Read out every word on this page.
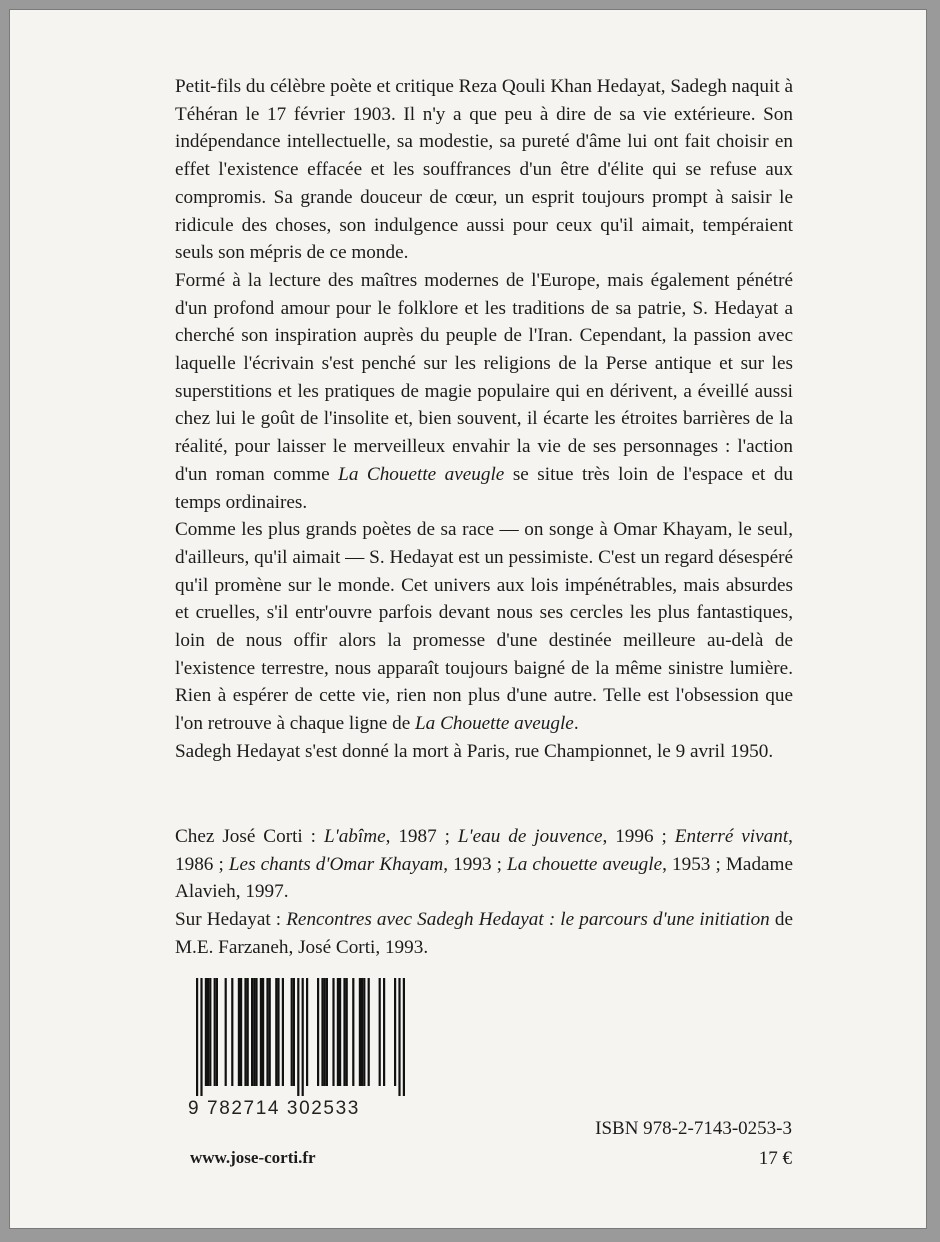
Petit-fils du célèbre poète et critique Reza Qouli Khan Hedayat, Sadegh naquit à Téhéran le 17 février 1903. Il n'y a que peu à dire de sa vie extérieure. Son indépendance intellectuelle, sa modestie, sa pureté d'âme lui ont fait choisir en effet l'existence effacée et les souffrances d'un être d'élite qui se refuse aux compromis. Sa grande douceur de cœur, un esprit toujours prompt à saisir le ridicule des choses, son indulgence aussi pour ceux qu'il aimait, tempéraient seuls son mépris de ce monde.

Formé à la lecture des maîtres modernes de l'Europe, mais également pénétré d'un profond amour pour le folklore et les traditions de sa patrie, S. Hedayat a cherché son inspiration auprès du peuple de l'Iran. Cependant, la passion avec laquelle l'écrivain s'est penché sur les religions de la Perse antique et sur les superstitions et les pratiques de magie populaire qui en dérivent, a éveillé aussi chez lui le goût de l'insolite et, bien souvent, il écarte les étroites barrières de la réalité, pour laisser le merveilleux envahir la vie de ses personnages : l'action d'un roman comme La Chouette aveugle se situe très loin de l'espace et du temps ordinaires.

Comme les plus grands poètes de sa race — on songe à Omar Khayam, le seul, d'ailleurs, qu'il aimait — S. Hedayat est un pessimiste. C'est un regard désespéré qu'il promène sur le monde. Cet univers aux lois impénétrables, mais absurdes et cruelles, s'il entr'ouvre parfois devant nous ses cercles les plus fantastiques, loin de nous offir alors la promesse d'une destinée meilleure au-delà de l'existence terrestre, nous apparaît toujours baigné de la même sinistre lumière. Rien à espérer de cette vie, rien non plus d'une autre. Telle est l'obsession que l'on retrouve à chaque ligne de La Chouette aveugle.

Sadegh Hedayat s'est donné la mort à Paris, rue Championnet, le 9 avril 1950.

Chez José Corti : L'abîme, 1987 ; L'eau de jouvence, 1996 ; Enterré vivant, 1986 ; Les chants d'Omar Khayam, 1993 ; La chouette aveugle, 1953 ; Madame Alavieh, 1997.

Sur Hedayat : Rencontres avec Sadegh Hedayat : le parcours d'une initiation de M.E. Farzaneh, José Corti, 1993.

9 782714 302533
ISBN 978-2-7143-0253-3
17 €
www.jose-corti.fr
